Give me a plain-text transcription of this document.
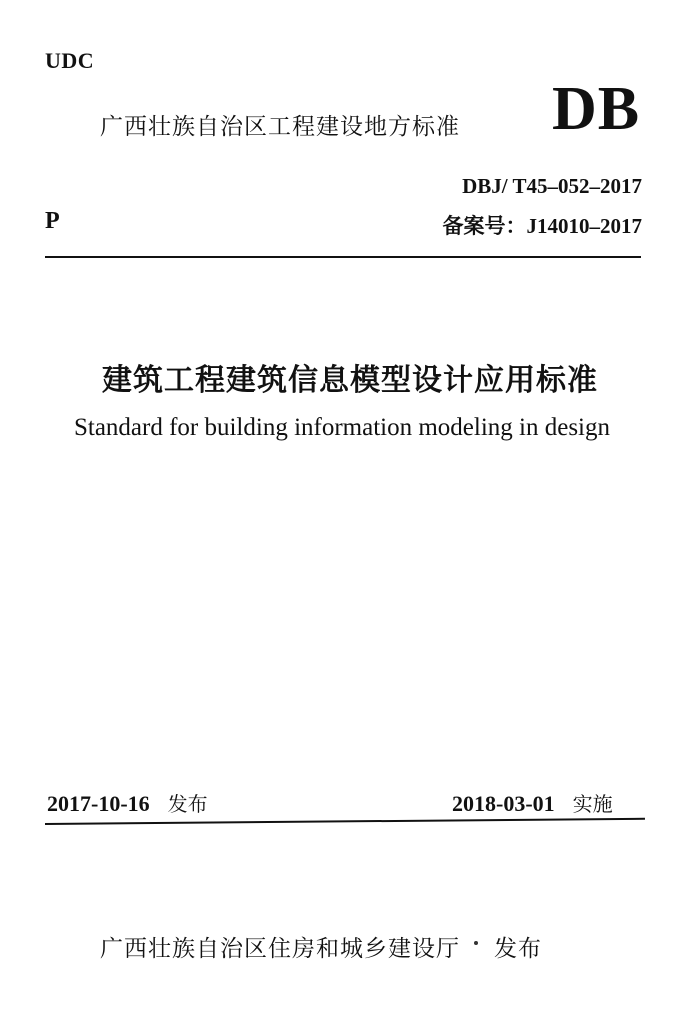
UDC
广西壮族自治区工程建设地方标准 DB
DBJ/ T45–052–2017
P	备案号：J14010–2017
建筑工程建筑信息模型设计应用标准
Standard for building information modeling in design
2017-10-16 发布	2018-03-01 实施
广西壮族自治区住房和城乡建设厅 发布
